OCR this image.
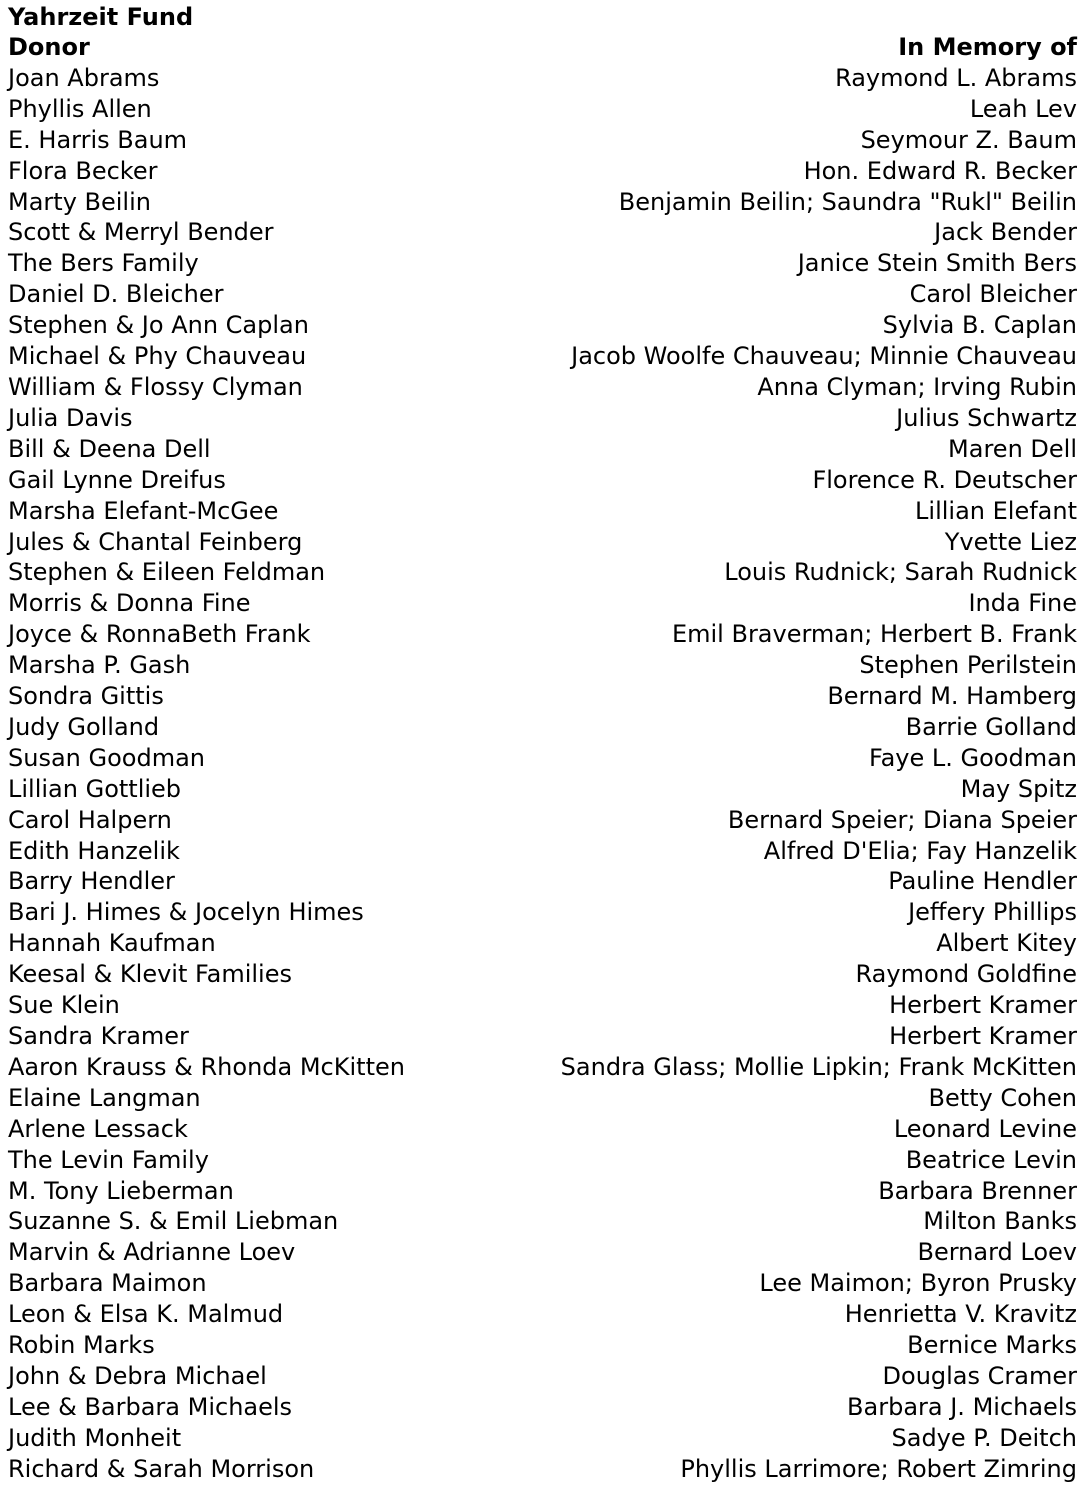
Yahrzeit Fund
Donor	In Memory of
Joan Abrams	Raymond L. Abrams
Phyllis Allen	Leah Lev
E. Harris Baum	Seymour Z. Baum
Flora Becker	Hon. Edward R. Becker
Marty Beilin	Benjamin Beilin; Saundra "Rukl" Beilin
Scott & Merryl Bender	Jack Bender
The Bers Family	Janice Stein Smith Bers
Daniel D. Bleicher	Carol Bleicher
Stephen & Jo Ann Caplan	Sylvia B. Caplan
Michael & Phy Chauveau	Jacob Woolfe Chauveau; Minnie Chauveau
William & Flossy Clyman	Anna Clyman; Irving Rubin
Julia Davis	Julius Schwartz
Bill & Deena Dell	Maren Dell
Gail Lynne Dreifus	Florence R. Deutscher
Marsha Elefant-McGee	Lillian Elefant
Jules & Chantal Feinberg	Yvette Liez
Stephen & Eileen Feldman	Louis Rudnick; Sarah Rudnick
Morris & Donna Fine	Inda Fine
Joyce & RonnaBeth Frank	Emil Braverman; Herbert B. Frank
Marsha P. Gash	Stephen Perilstein
Sondra Gittis	Bernard M. Hamberg
Judy Golland	Barrie Golland
Susan Goodman	Faye L. Goodman
Lillian Gottlieb	May Spitz
Carol Halpern	Bernard Speier; Diana Speier
Edith Hanzelik	Alfred D'Elia; Fay Hanzelik
Barry Hendler	Pauline Hendler
Bari J. Himes & Jocelyn Himes	Jeffery Phillips
Hannah Kaufman	Albert Kitey
Keesal & Klevit Families	Raymond Goldfine
Sue Klein	Herbert Kramer
Sandra Kramer	Herbert Kramer
Aaron Krauss & Rhonda McKitten	Sandra Glass; Mollie Lipkin; Frank McKitten
Elaine Langman	Betty Cohen
Arlene Lessack	Leonard Levine
The Levin Family	Beatrice Levin
M. Tony Lieberman	Barbara Brenner
Suzanne S. & Emil Liebman	Milton Banks
Marvin & Adrianne Loev	Bernard Loev
Barbara Maimon	Lee Maimon; Byron Prusky
Leon & Elsa K. Malmud	Henrietta V. Kravitz
Robin Marks	Bernice Marks
John & Debra Michael	Douglas Cramer
Lee & Barbara Michaels	Barbara J. Michaels
Judith Monheit	Sadye P. Deitch
Richard & Sarah Morrison	Phyllis Larrimore; Robert Zimring
